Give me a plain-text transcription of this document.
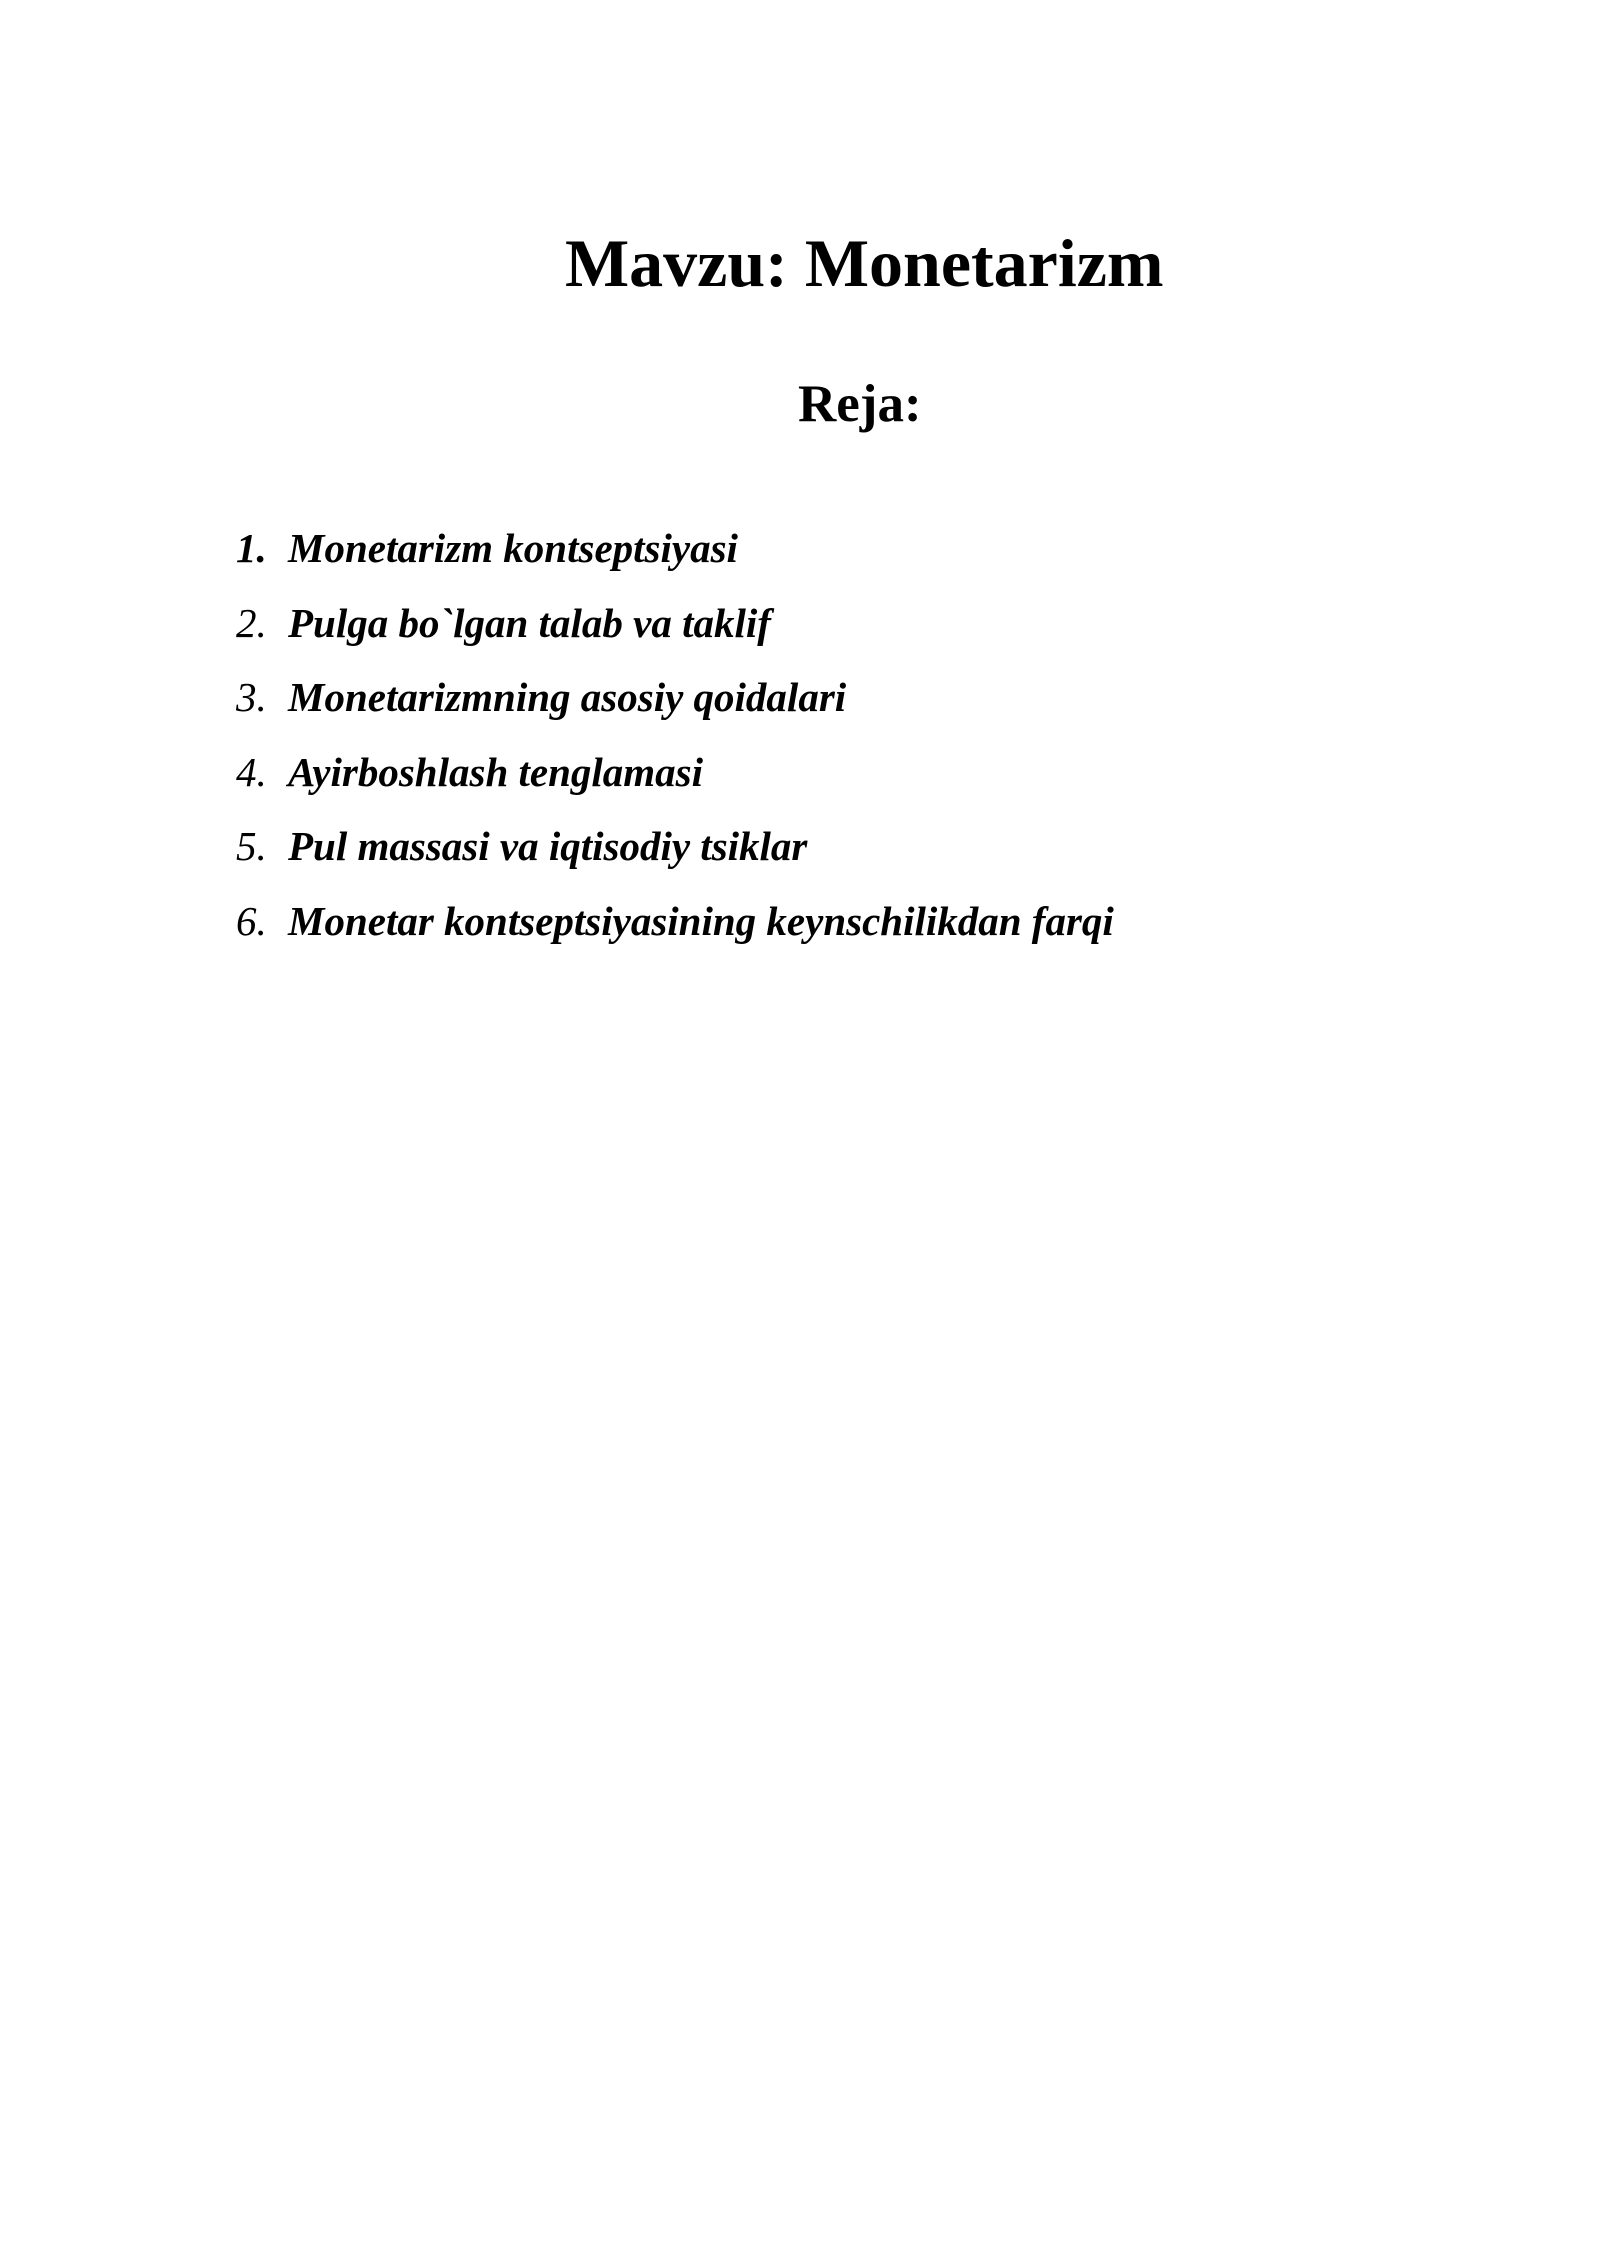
Mavzu: Monetarizm
Reja:
1. Monetarizm kontseptsiyasi
2. Pulga bo`lgan talab va taklif
3. Monetarizmning asosiy qoidalari
4. Ayirboshlash tenglamasi
5. Pul massasi va iqtisodiy tsiklar
6. Monetar kontseptsiyasining keynschilikdan farqi
